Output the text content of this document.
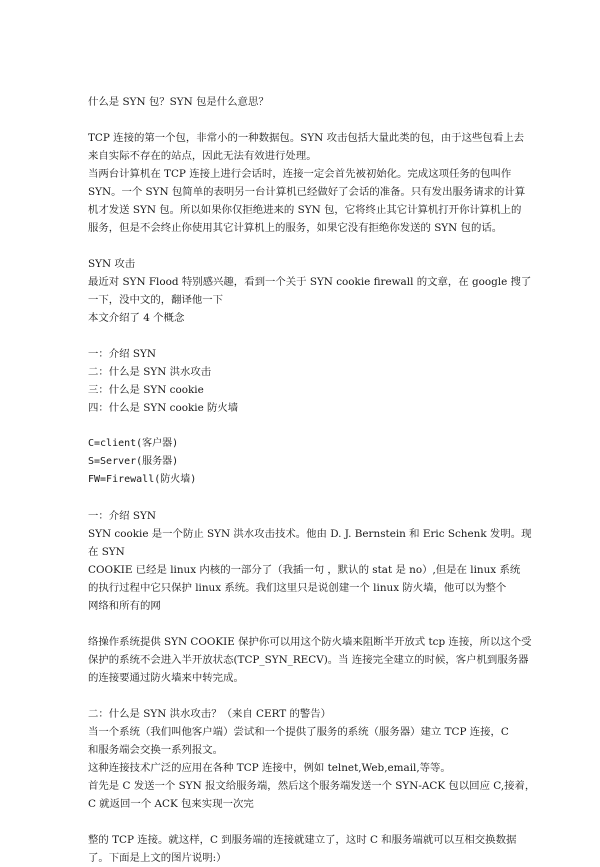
什么是 SYN 包？SYN 包是什么意思？
TCP 连接的第一个包，非常小的一种数据包。SYN 攻击包括大量此类的包，由于这些包看上去
来自实际不存在的站点，因此无法有效进行处理。
当两台计算机在 TCP 连接上进行会话时，连接一定会首先被初始化。完成这项任务的包叫作
SYN。一个 SYN 包简单的表明另一台计算机已经做好了会话的准备。只有发出服务请求的计算
机才发送 SYN 包。所以如果你仅拒绝进来的 SYN 包，它将终止其它计算机打开你计算机上的
服务，但是不会终止你使用其它计算机上的服务，如果它没有拒绝你发送的 SYN 包的话。
SYN 攻击
最近对 SYN Flood 特别感兴趣，看到一个关于 SYN cookie firewall 的文章，在 google 搜了
一下，没中文的，翻译他一下
本文介绍了 4 个概念
一：介绍 SYN
二：什么是 SYN 洪水攻击
三：什么是 SYN cookie
四：什么是 SYN cookie 防火墙
C=client(客户器)
S=Server(服务器)
FW=Firewall(防火墙)
一：介绍 SYN
SYN cookie 是一个防止 SYN 洪水攻击技术。他由 D. J. Bernstein 和 Eric Schenk 发明。现
在 SYN
COOKIE 已经是 linux 内核的一部分了（我插一句 ，默认的 stat 是 no）,但是在 linux 系统
的执行过程中它只保护 linux 系统。我们这里只是说创建一个 linux 防火墙，他可以为整个
网络和所有的网
络操作系统提供 SYN COOKIE 保护你可以用这个防火墙来阻断半开放式 tcp 连接，所以这个受
保护的系统不会进入半开放状态(TCP_SYN_RECV)。当 连接完全建立的时候，客户机到服务器
的连接要通过防火墙来中转完成。
二：什么是 SYN 洪水攻击？（来自 CERT 的警告）
当一个系统（我们叫他客户端）尝试和一个提供了服务的系统（服务器）建立 TCP 连接，C
和服务端会交换一系列报文。
这种连接技术广泛的应用在各种 TCP 连接中，例如 telnet,Web,email,等等。
首先是 C 发送一个 SYN 报文给服务端，然后这个服务端发送一个 SYN-ACK 包以回应 C,接着，
C 就返回一个 ACK 包来实现一次完
整的 TCP 连接。就这样，C 到服务端的连接就建立了，这时 C 和服务端就可以互相交换数据
了。下面是上文的图片说明:）
